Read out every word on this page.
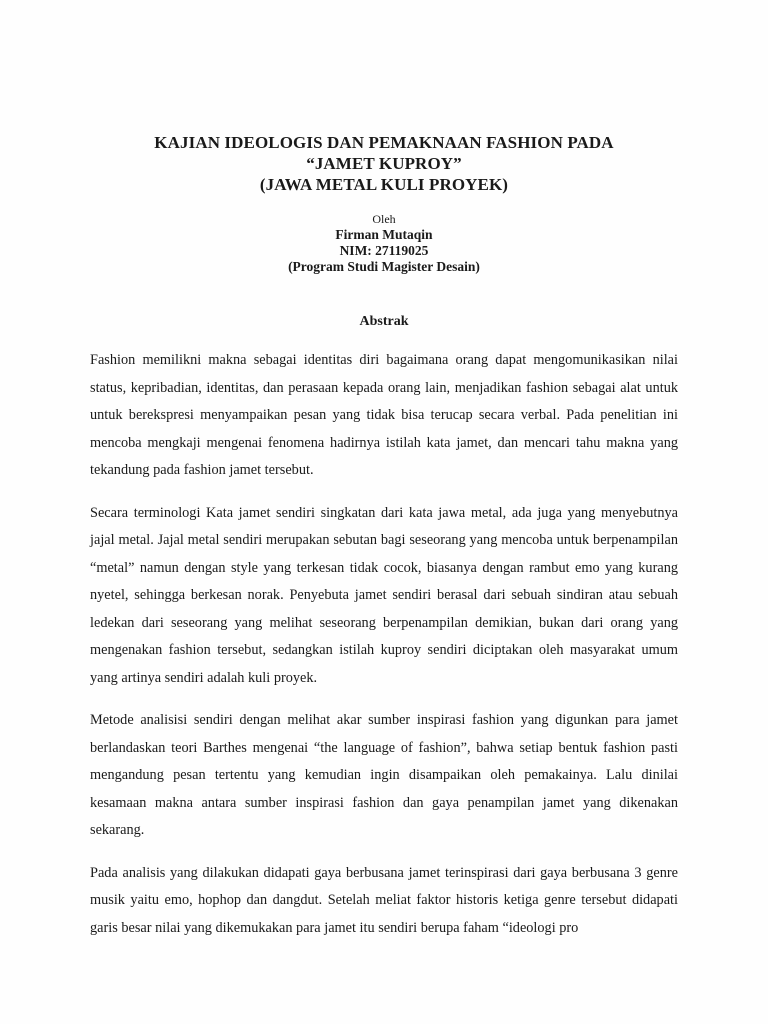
KAJIAN IDEOLOGIS DAN PEMAKNAAN FASHION PADA
“JAMET KUPROY”
(JAWA METAL KULI PROYEK)
Oleh
Firman Mutaqin
NIM: 27119025
(Program Studi Magister Desain)
Abstrak

Fashion memilikni makna sebagai identitas diri bagaimana orang dapat mengomunikasikan nilai status, kepribadian, identitas, dan perasaan kepada orang lain, menjadikan fashion sebagai alat untuk untuk berekspresi menyampaikan pesan yang tidak bisa terucap secara verbal. Pada penelitian ini mencoba mengkaji mengenai fenomena hadirnya istilah kata jamet, dan mencari tahu makna yang tekandung pada fashion jamet tersebut.

Secara terminologi Kata jamet sendiri singkatan dari kata jawa metal, ada juga yang menyebutnya jajal metal. Jajal metal sendiri merupakan sebutan bagi seseorang yang mencoba untuk berpenampilan “metal” namun dengan style yang terkesan tidak cocok, biasanya dengan rambut emo yang kurang nyetel, sehingga berkesan norak. Penyebuta jamet sendiri berasal dari sebuah sindiran atau sebuah ledekan dari seseorang yang melihat seseorang berpenampilan demikian, bukan dari orang yang mengenakan fashion tersebut, sedangkan istilah kuproy sendiri diciptakan oleh masyarakat umum yang artinya sendiri adalah kuli proyek.

Metode analisisi sendiri dengan melihat akar sumber inspirasi fashion yang digunkan para jamet berlandaskan teori Barthes mengenai “the language of fashion”, bahwa setiap bentuk fashion pasti mengandung pesan tertentu yang kemudian ingin disampaikan oleh pemakainya. Lalu dinilai kesamaan makna antara sumber inspirasi fashion dan gaya penampilan jamet yang dikenakan sekarang.

Pada analisis yang dilakukan didapati gaya berbusana jamet terinspirasi dari gaya berbusana 3 genre musik yaitu emo, hophop dan dangdut. Setelah meliat faktor historis ketiga genre tersebut didapati garis besar nilai yang dikemukakan para jamet itu sendiri berupa faham “ideologi pro
